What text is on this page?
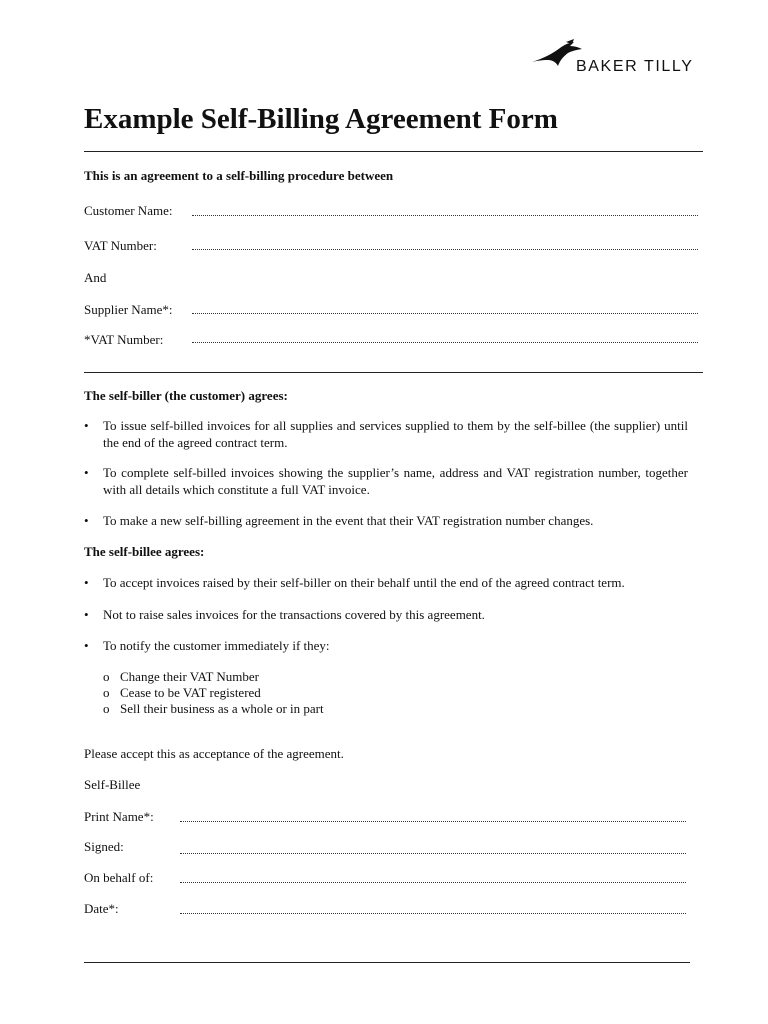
BAKER TILLY
Example Self-Billing Agreement Form
This is an agreement to a self-billing procedure between
Customer Name:
VAT Number:
And
Supplier Name*:
*VAT Number:
The self-biller (the customer) agrees:
• To issue self-billed invoices for all supplies and services supplied to them by the self-billee (the supplier) until the end of the agreed contract term.
• To complete self-billed invoices showing the supplier’s name, address and VAT registration number, together with all details which constitute a full VAT invoice.
• To make a new self-billing agreement in the event that their VAT registration number changes.
The self-billee agrees:
• To accept invoices raised by their self-biller on their behalf until the end of the agreed contract term.
• Not to raise sales invoices for the transactions covered by this agreement.
• To notify the customer immediately if they:
o Change their VAT Number
o Cease to be VAT registered
o Sell their business as a whole or in part
Please accept this as acceptance of the agreement.
Self-Billee
Print Name*:
Signed:
On behalf of:
Date*:
